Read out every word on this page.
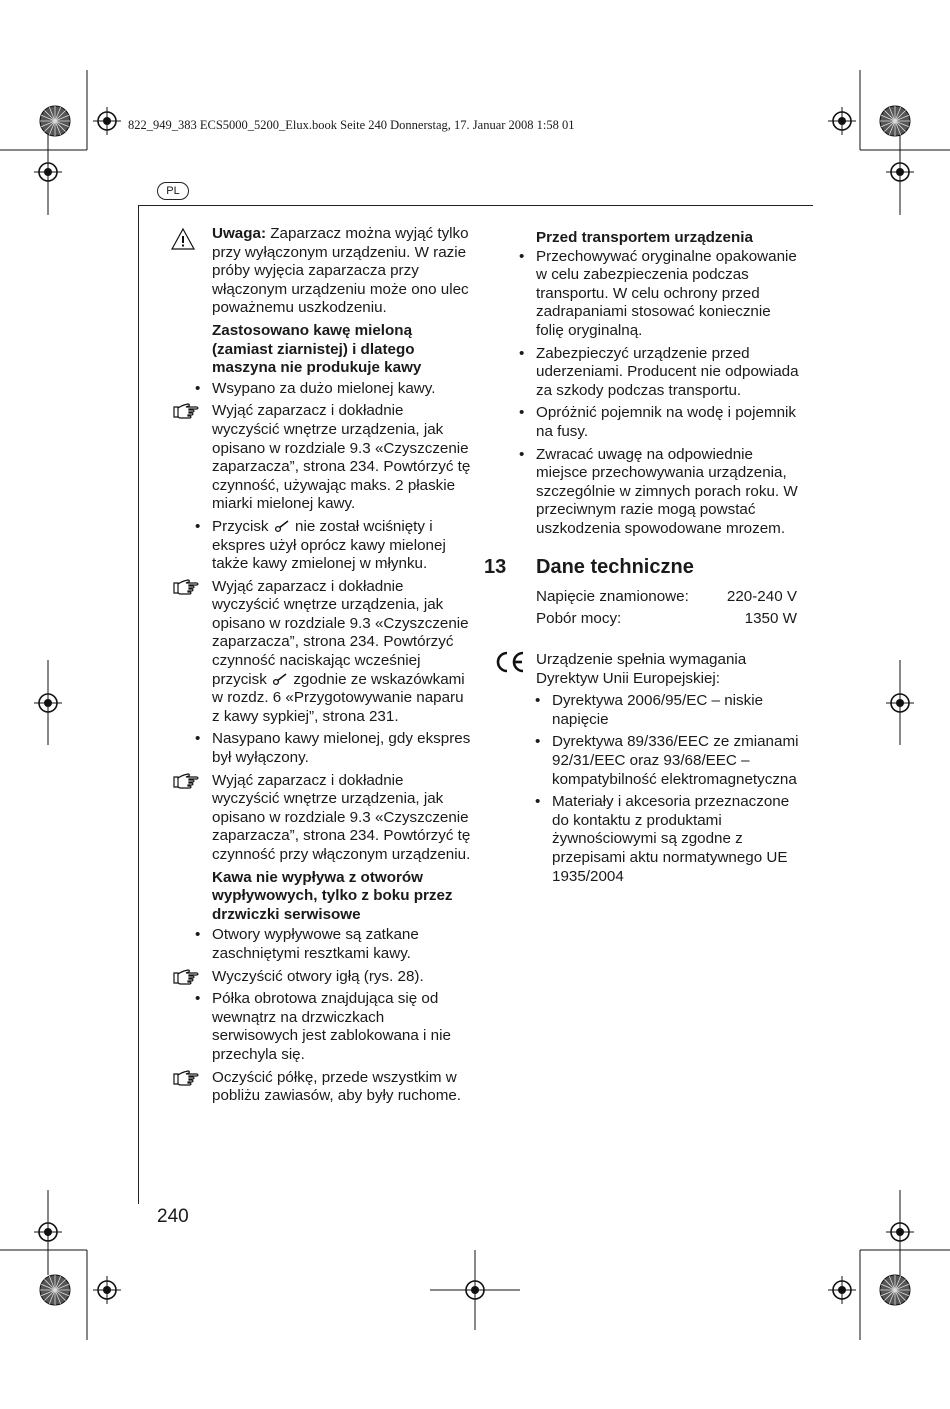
822_949_383 ECS5000_5200_Elux.book Seite 240 Donnerstag, 17. Januar 2008 1:58 01
PL
Uwaga: Zaparzacz można wyjąć tylko przy wyłączonym urządzeniu. W razie próby wyjęcia zaparzacza przy włączonym urządzeniu może ono ulec poważnemu uszkodzeniu.
Zastosowano kawę mieloną (zamiast ziarnistej) i dlatego maszyna nie produkuje kawy
• Wsypano za dużo mielonej kawy.
Wyjąć zaparzacz i dokładnie wyczyścić wnętrze urządzenia, jak opisano w rozdziale 9.3 «Czyszczenie zaparzacza”, strona 234. Powtórzyć tę czynność, używając maks. 2 płaskie miarki mielonej kawy.
• Przycisk nie został wciśnięty i ekspres użył oprócz kawy mielonej także kawy zmielonej w młynku.
Wyjąć zaparzacz i dokładnie wyczyścić wnętrze urządzenia, jak opisano w rozdziale 9.3 «Czyszczenie zaparzacza”, strona 234. Powtórzyć czynność naciskając wcześniej przycisk zgodnie ze wskazówkami w rozdz. 6 «Przygotowywanie naparu z kawy sypkiej”, strona 231.
• Nasypano kawy mielonej, gdy ekspres był wyłączony.
Wyjąć zaparzacz i dokładnie wyczyścić wnętrze urządzenia, jak opisano w rozdziale 9.3 «Czyszczenie zaparzacza”, strona 234. Powtórzyć tę czynność przy włączonym urządzeniu.
Kawa nie wypływa z otworów wypływowych, tylko z boku przez drzwiczki serwisowe
• Otwory wypływowe są zatkane zaschniętymi resztkami kawy.
Wyczyścić otwory igłą (rys. 28).
• Półka obrotowa znajdująca się od wewnątrz na drzwiczkach serwisowych jest zablokowana i nie przechyla się.
Oczyścić półkę, przede wszystkim w pobliżu zawiasów, aby były ruchome.
Przed transportem urządzenia
• Przechowywać oryginalne opakowanie w celu zabezpieczenia podczas transportu. W celu ochrony przed zadrapaniami stosować koniecznie folię oryginalną.
• Zabezpieczyć urządzenie przed uderzeniami. Producent nie odpowiada za szkody podczas transportu.
• Opróżnić pojemnik na wodę i pojemnik na fusy.
• Zwracać uwagę na odpowiednie miejsce przechowywania urządzenia, szczególnie w zimnych porach roku. W przeciwnym razie mogą powstać uszkodzenia spowodowane mrozem.
13 Dane techniczne
Napięcie znamionowe:	220-240 V
Pobór mocy:	1350 W
Urządzenie spełnia wymagania Dyrektyw Unii Europejskiej:
• Dyrektywa 2006/95/EC – niskie napięcie
• Dyrektywa 89/336/EEC ze zmianami 92/31/EEC oraz 93/68/EEC – kompatybilność elektromagnetyczna
• Materiały i akcesoria przeznaczone do kontaktu z produktami żywnościowymi są zgodne z przepisami aktu normatywnego UE 1935/2004
240
